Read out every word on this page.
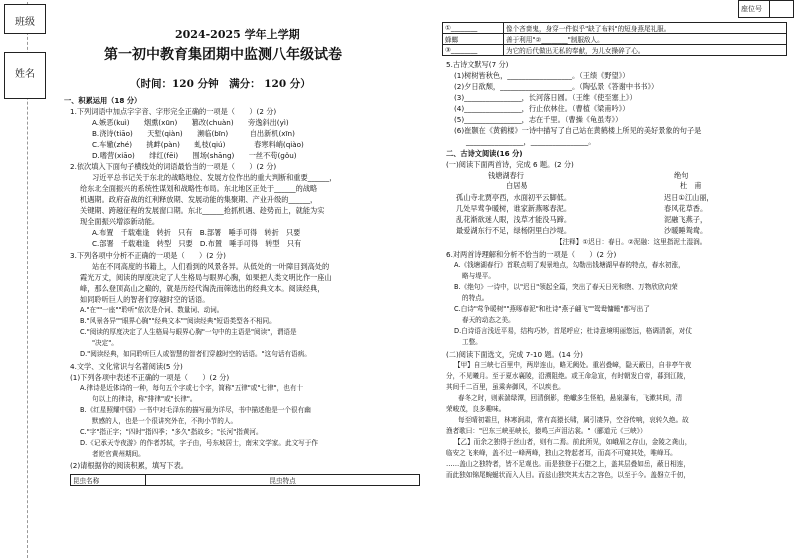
班级
姓名
座位号
2024-2025 学年上学期
第一初中教育集团期中监测八年级试卷
（时间：120 分钟　满分： 120 分）
一、积累运用（18 分）
1.下列词语中加点字字音、字形完全正确的一项是（　　）(2 分)
A.嫉恶(kuì)　　烟熏(xūn)　　篡改(chuàn)　　旁逸斜出(yì)
B.浇诗(tiāo)　　天堑(qiàn)　　濒临(bīn)　　　自出新机(xīn)
C.车辙(zhé)　　挑衅(pàn)　　虬枝(qiú)　　　　春寒料峭(qiào)
D.嗜营(xiāo)　　绯红(fēi)　　围场(shāng)　　一丝不苟(gǒu)
2.依次填入下面句子横线处的词语最恰当的一项是（　　）(2 分)
习近平总书记关于东北的战略地位、发展方位作出的重大判断和重要______，
给东北全面振兴的系统性谋划和战略性布局。东北地区正处于______的战略
机遇期。政府奋战的红利释放期、发展动能的集聚期、产业升级的______，
关键期、跨越征程的发展窗口期。东北______抢抓机遇、趁势而上，就能为实
现全面振兴增添新动能。
A.布置　千载难逢　转折　只有　B.部署　唾手可得　转折　只要
C.部署　千载难逢　转型　只要　D.布置　唾手可得　转型　只有
3.下列各项中分析不正确的一项是（　　）(2 分)
站在不同高度的书籍上，人们看到的风景各异。从低处的一叶障目到高处的
霞光万丈，阅读的厚度决定了人生格局与眼界心胸，如果把人类文明比作一座山
峰，那么登顶高山之巅的，就是历经代淘洗而筛选出的经典文本。阅读经典，
如同聆听巨人的智者们穿越时空的话语。
A."在""一座""聆听"依次是介词、数量词、动词。
B."风景各异""眼界心胸""经典文本""阅读经典"短语类型各不相同。
C."阅读的厚度决定了人生格局与眼界心胸"一句中的主语是"阅读"，谓语是
"决定"。
D."阅读经典，如同聆听巨人或智慧的智者们穿越时空的话语。"这句话有语病。
4.文学、文化常识与名著阅读(5 分)
(1)下列各项中表述不正确的一项是（　　）(2 分)
A.律诗是近体诗的一种，每句五个字或七个字，简称"五律"或"七律"，也有十
句以上的律诗，称"排律"或"长律"。
B.《红星照耀中国》一书中对毛泽东的描写最为详尽，书中描述他是一个很有幽
默感的人，也是一个很讲究外在，不拘小节的人。
C."字"指正字；"四时"指四季；"多久"指故乡；"长河"指黄河。
D.《记承天寺夜游》的作者苏轼，字子由，号东坡居士，南宋文学家。此文写于作
者贬官黄州期间。
(2)请根据你的阅读积累，填写下表。
昆虫名称	昆虫特点
①________	像个吝啬鬼，身穿一件似乎"缺了布料"的短身燕尾礼服。
蜂螂	善于利用"②________"制服敌人。
③________	为它的后代做出无私的奉献，为儿女操碎了心。
5.古诗文默写(7 分)
(1)树树皆秋色，__________________。（王绩《野望》）
(2)夕日欲颓，____________________。（陶弘景《答谢中书书》）
(3)________________，长河落日圆。（王维《使至塞上》）
(4)________________，行止依林住。（曹植《梁甫吟》）
(5)________________，志在千里。（曹操《龟虽寿》）
(6)崔颢在《黄鹤楼》一诗中描写了自己站在黄鹤楼上所见的美好景象的句子是
________________，________________。
二、古诗文阅读(16 分)
(一)阅读下面两首诗，完成 6 题。(2 分)
钱塘湖春行
白居易
绝句
杜　甫
孤山寺北贾亭西，水面初平云脚低。
几处早莺争暖树，谁家新燕啄春泥。
乱花渐欲迷人眼，浅草才能没马蹄。
最爱湖东行不足，绿杨阴里白沙堤。
迟日①江山丽，
春风花草香。
泥融飞燕子，
沙暖睡鸳鸯。
【注释】①迟日：春日。②泥融：这里指泥土湿润。
6.对两首诗理解和分析不恰当的一项是（　　）(2 分)
A.《钱塘湖春行》首联点明了观景地点，勾勒出钱塘湖早春的特点，春水初涨，
略与堤平。
B.《绝句》一诗中，以"迟日"领起全篇，突出了春天日光和煦、万物欣欣向荣
的特点。
C.白诗"莺争暖树""燕啄春泥"和杜诗"燕子翩飞""鸳鸯慵睡"都写出了
春天的动态之美。
D.白诗语言浅近平易，结构巧妙，首尾呼应；杜诗意境明丽悠远，格调清新，对仗
工整。
(二)阅读下面选文，完成 7-10 题。(14 分)
【甲】自三峡七百里中，两岸连山，略无阙处。重岩叠嶂，隐天蔽日，自非亭午夜
分，不见曦月。至于夏水襄陵，沿溯阻绝。或王命急宣，有时朝发白帝，暮到江陵，
其间千二百里，虽乘奔御风，不以疾也。
春冬之时，则素湍绿潭，回清倒影，绝巘多生怪柏，悬泉瀑布，飞漱其间，清
荣峻茂，良多趣味。
每至晴初霜旦，林寒涧肃，常有高猿长啸，属引凄异，空谷传响，哀转久绝。故
渔者歌曰："巴东三峡巫峡长，猿鸣三声泪沾裳。"（郦道元《三峡》）
【乙】而余之独得于丝山者，则有二焉。前此所见，如峨眉之存山，金陵之龚山，
临安之飞来峰，盖不过一峰两峰，独山之特起者耳，而高不可窥其处，唯峰耳。
……盖山之独特者，皆不足观也。而是独登于石壁之上，盖其层叠如岳，蔽日相连，
而此独如锦尾蜿蜒状而入人目。而兹山独突其太古之容色，以至于今。盖磐立千仞，
